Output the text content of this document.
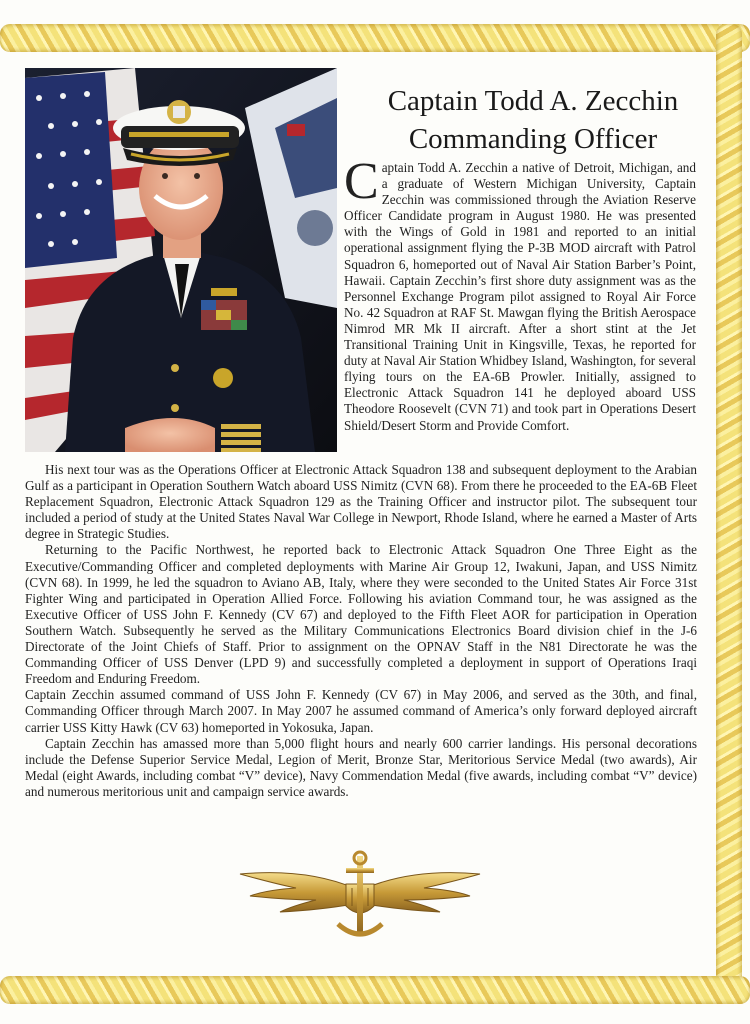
Captain Todd A. Zecchin
Commanding Officer
Captain Todd A. Zecchin a native of Detroit, Michigan, and a graduate of Western Michigan University, Captain Zecchin was commissioned through the Aviation Reserve Officer Candidate program in August 1980. He was presented with the Wings of Gold in 1981 and reported to an initial operational assignment flying the P-3B MOD aircraft with Patrol Squadron 6, homeported out of Naval Air Station Barber’s Point, Hawaii. Captain Zecchin’s first shore duty assignment was as the Personnel Exchange Program pilot assigned to Royal Air Force No. 42 Squadron at RAF St. Mawgan flying the British Aerospace Nimrod MR Mk II aircraft. After a short stint at the Jet Transitional Training Unit in Kingsville, Texas, he reported for duty at Naval Air Station Whidbey Island, Washington, for several flying tours on the EA-6B Prowler. Initially, assigned to Electronic Attack Squadron 141 he deployed aboard USS Theodore Roosevelt (CVN 71) and took part in Operations Desert Shield/Desert Storm and Provide Comfort.

His next tour was as the Operations Officer at Electronic Attack Squadron 138 and subsequent deployment to the Arabian Gulf as a participant in Operation Southern Watch aboard USS Nimitz (CVN 68). From there he proceeded to the EA-6B Fleet Replacement Squadron, Electronic Attack Squadron 129 as the Training Officer and instructor pilot. The subsequent tour included a period of study at the United States Naval War College in Newport, Rhode Island, where he earned a Master of Arts degree in Strategic Studies.

Returning to the Pacific Northwest, he reported back to Electronic Attack Squadron One Three Eight as the Executive/Commanding Officer and completed deployments with Marine Air Group 12, Iwakuni, Japan, and USS Nimitz (CVN 68). In 1999, he led the squadron to Aviano AB, Italy, where they were seconded to the United States Air Force 31st Fighter Wing and participated in Operation Allied Force. Following his aviation Command tour, he was assigned as the Executive Officer of USS John F. Kennedy (CV 67) and deployed to the Fifth Fleet AOR for participation in Operation Southern Watch. Subsequently he served as the Military Communications Electronics Board division chief in the J-6 Directorate of the Joint Chiefs of Staff. Prior to assignment on the OPNAV Staff in the N81 Directorate he was the Commanding Officer of USS Denver (LPD 9) and successfully completed a deployment in support of Operations Iraqi Freedom and Enduring Freedom.

Captain Zecchin assumed command of USS John F. Kennedy (CV 67) in May 2006, and served as the 30th, and final, Commanding Officer through March 2007. In May 2007 he assumed command of America’s only forward deployed aircraft carrier USS Kitty Hawk (CV 63) homeported in Yokosuka, Japan.

Captain Zecchin has amassed more than 5,000 flight hours and nearly 600 carrier landings. His personal decorations include the Defense Superior Service Medal, Legion of Merit, Bronze Star, Meritorious Service Medal (two awards), Air Medal (eight Awards, including combat “V” device), Navy Commendation Medal (five awards, including combat “V” device) and numerous meritorious unit and campaign service awards.
